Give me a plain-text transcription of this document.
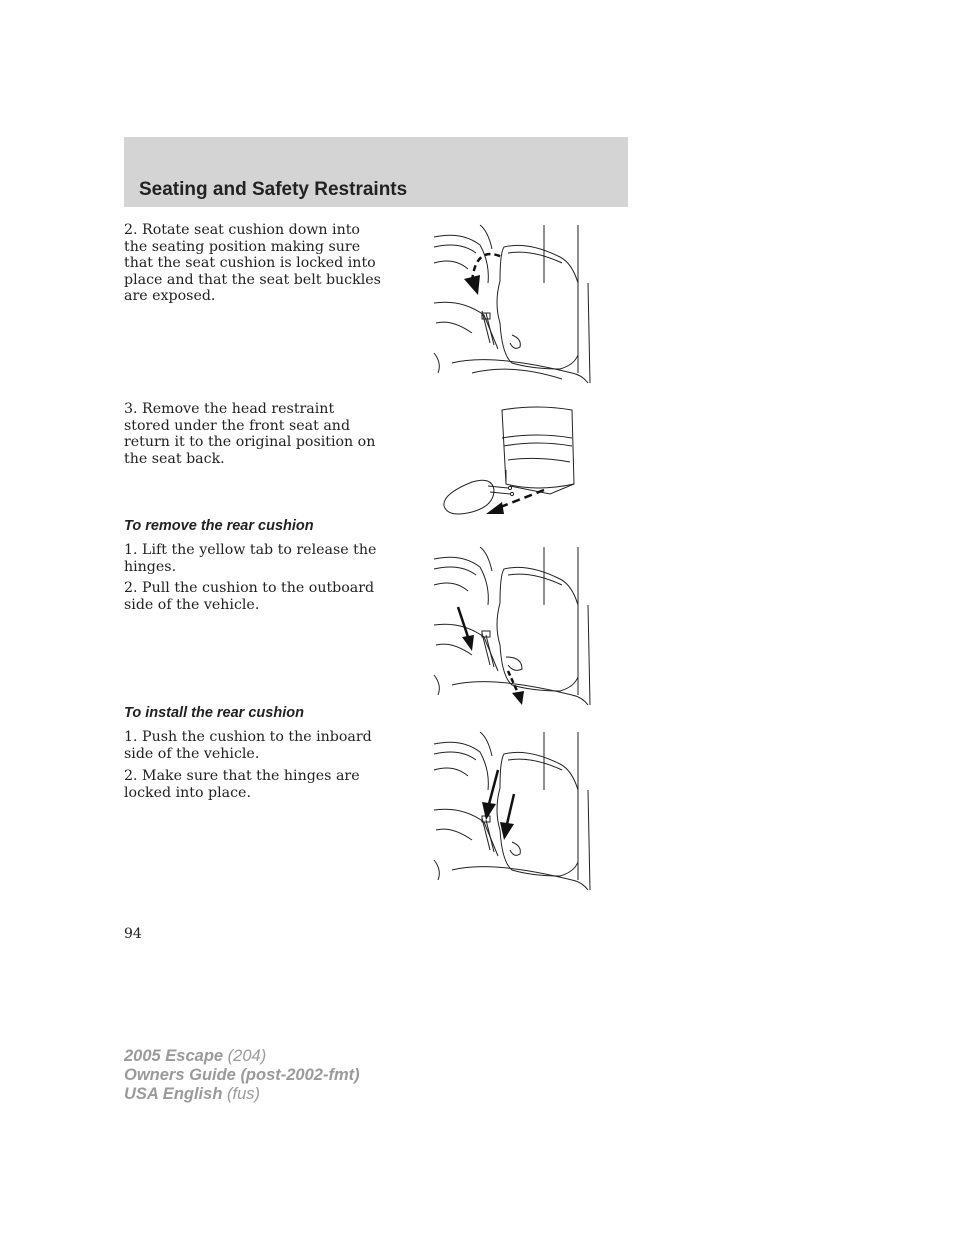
Seating and Safety Restraints

2. Rotate seat cushion down into the seating position making sure that the seat cushion is locked into place and that the seat belt buckles are exposed.

3. Remove the head restraint stored under the front seat and return it to the original position on the seat back.

To remove the rear cushion

1. Lift the yellow tab to release the hinges.

2. Pull the cushion to the outboard side of the vehicle.

To install the rear cushion

1. Push the cushion to the inboard side of the vehicle.

2. Make sure that the hinges are locked into place.

94
2005 Escape (204)
Owners Guide (post-2002-fmt)
USA English (fus)
